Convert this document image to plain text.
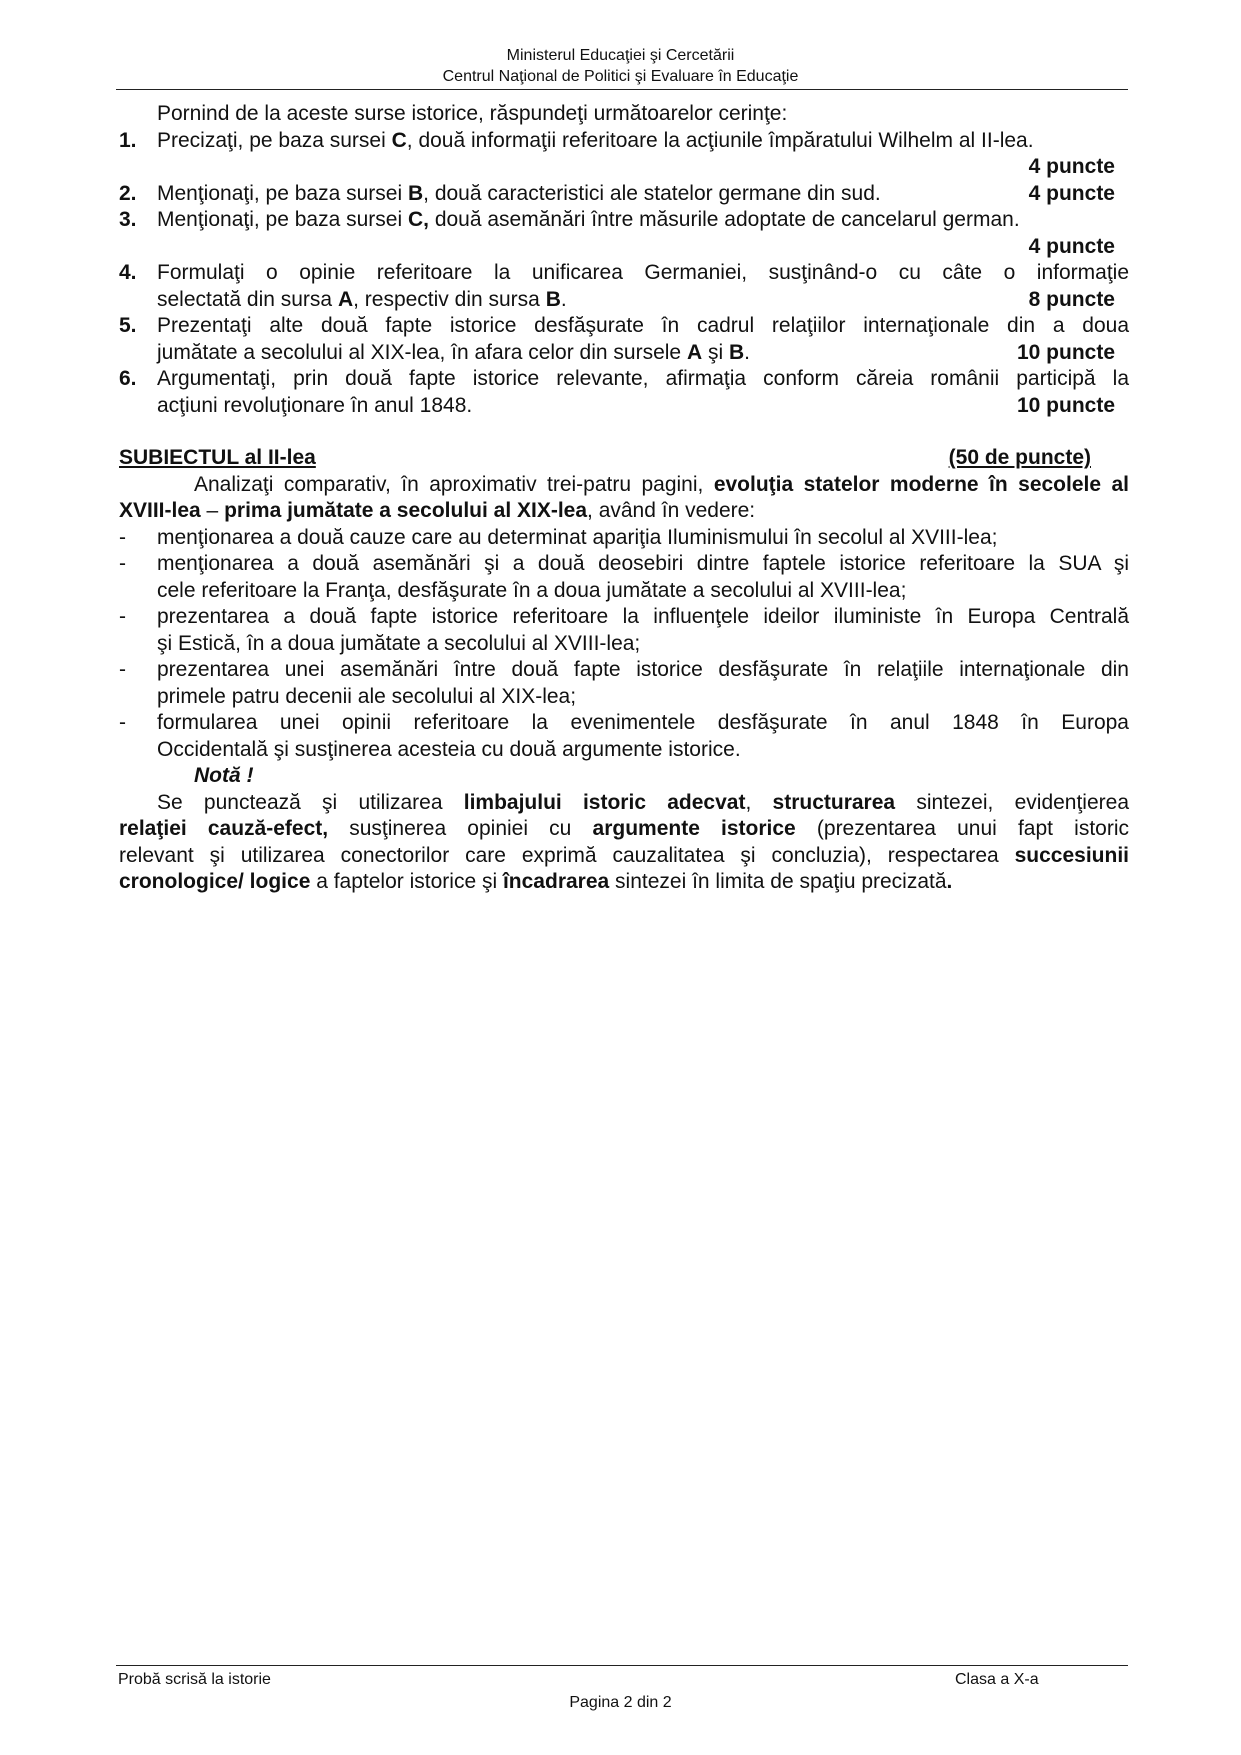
Ministerul Educaţiei şi Cercetării
Centrul Naţional de Politici şi Evaluare în Educaţie
Pornind de la aceste surse istorice, răspundeţi următoarelor cerinţe:
1. Precizaţi, pe baza sursei C, două informaţii referitoare la acţiunile împăratului Wilhelm al II-lea.
4 puncte
2. Menţionaţi, pe baza sursei B, două caracteristici ale statelor germane din sud.	4 puncte
3. Menţionaţi, pe baza sursei C, două asemănări între măsurile adoptate de cancelarul german.
4 puncte
4. Formulaţi o opinie referitoare la unificarea Germaniei, susţinând-o cu câte o informaţie
selectată din sursa A, respectiv din sursa B.	8 puncte
5. Prezentaţi alte două fapte istorice desfăşurate în cadrul relaţiilor internaţionale din a doua
jumătate a secolului al XIX-lea, în afara celor din sursele A şi B.	10 puncte
6. Argumentaţi, prin două fapte istorice relevante, afirmaţia conform căreia românii participă la
acţiuni revoluţionare în anul 1848.	10 puncte
SUBIECTUL al II-lea	(50 de puncte)
Analizaţi comparativ, în aproximativ trei-patru pagini, evoluţia statelor moderne în secolele al
XVIII-lea – prima jumătate a secolului al XIX-lea, având în vedere:
-	menţionarea a două cauze care au determinat apariţia Iluminismului în secolul al XVIII-lea;
-	menţionarea a două asemănări şi a două deosebiri dintre faptele istorice referitoare la SUA şi
cele referitoare la Franţa, desfăşurate în a doua jumătate a secolului al XVIII-lea;
-	prezentarea a două fapte istorice referitoare la influenţele ideilor iluministe în Europa Centrală
şi Estică, în a doua jumătate a secolului al XVIII-lea;
-	prezentarea unei asemănări între două fapte istorice desfăşurate în relaţiile internaţionale din
primele patru decenii ale secolului al XIX-lea;
-	formularea unei opinii referitoare la evenimentele desfăşurate în anul 1848 în Europa
Occidentală şi susţinerea acesteia cu două argumente istorice.
Notă !
Se punctează şi utilizarea limbajului istoric adecvat, structurarea sintezei, evidenţierea
relaţiei cauză-efect, susţinerea opiniei cu argumente istorice (prezentarea unui fapt istoric
relevant şi utilizarea conectorilor care exprimă cauzalitatea şi concluzia), respectarea succesiunii
cronologice/ logice a faptelor istorice şi încadrarea sintezei în limita de spaţiu precizată.
Probă scrisă la istorie	Clasa a X-a
Pagina 2 din 2
